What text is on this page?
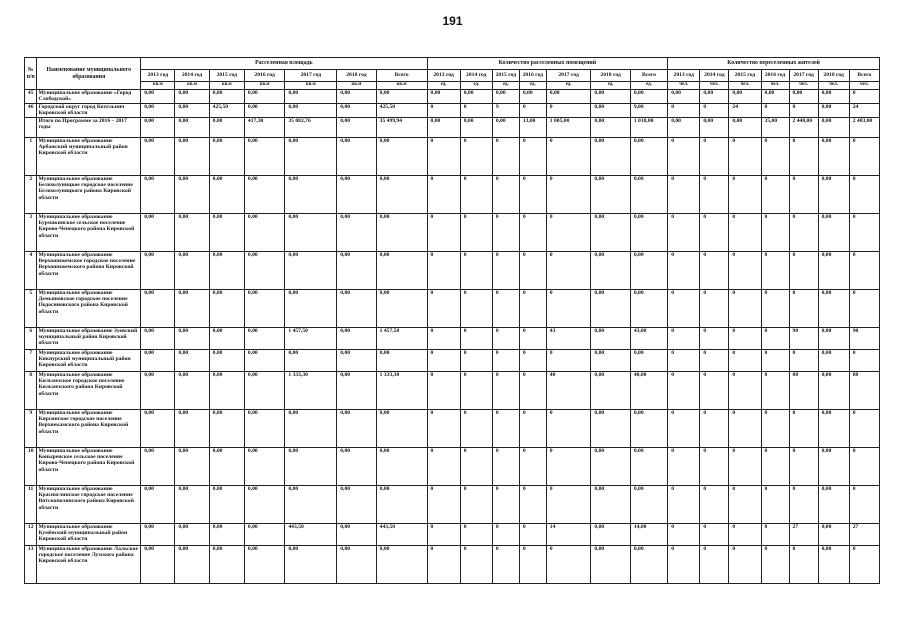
191
№
п/п	Наименование муниципального образования	Расселенная площадь							Количество расселенных помещений							Количество переселенных жителей						
		2013 год	2014 год	2015 год	2016 год	2017 год	2018 год	Всего	2013 год	2014 год	2015 год	2016 год	2017 год	2018 год	Всего	2013 год	2014 год	2015 год	2016 год	2017 год	2018 год	Всего
		кв.м	кв.м	кв.м	кв.м	кв.м	кв.м	кв.м	ед.	ед.	ед.	ед.	ед.	ед.	ед.	чел.	чел.	чел.	чел.	чел.	чел.	чел.
45	Муниципальное образование «Город Слободской»	0,00	0,00	0,00	0,00	0,00	0,00	0,00	0,00	0,00	0,00	0,00	0,00	0,00	0,00	0,00	0,00	0,00	0,00	0,00	0,00	0
46	Городской округ город Котельнич Кировской области	0,00	0,00	425,50	0,00	0,00	0,00	425,50	0	0	9	0	0	0,00	9,00	0	0	24	0	0	0,00	24
	Итого по Программе за 2016 – 2017 годы	0,00	0,00	0,00	417,30	35 082,76	0,00	35 499,94	0,00	0,00	0,00	13,00	1 005,00	0,00	1 018,00	0,00	0,00	0,00	35,00	2 448,00	0,00	2 483,00
1	Муниципальное образование Арбажский муниципальный район Кировской области	0,00	0,00	0,00	0,00	0,00	0,00	0,00	0	0	0	0	0	0,00	0,00	0	0	0	0	0	0,00	0
2	Муниципальное образование Белохолуницкое городское поселение Белохолуницкого района Кировской области	0,00	0,00	0,00	0,00	0,00	0,00	0,00	0	0	0	0	0	0,00	0,00	0	0	0	0	0	0,00	0
3	Муниципальное образование Бурмакинское сельское поселение Кирово-Чепецкого района Кировской области	0,00	0,00	0,00	0,00	0,00	0,00	0,00	0	0	0	0	0	0,00	0,00	0	0	0	0	0	0,00	0
4	Муниципальное образование Верхошижемское городское поселение Верхошижемского района Кировской области	0,00	0,00	0,00	0,00	0,00	0,00	0,00	0	0	0	0	0	0,00	0,00	0	0	0	0	0	0,00	0
5	Муниципальное образование Демьяновское городское поселение Подосиновского района Кировской области	0,00	0,00	0,00	0,00	0,00	0,00	0,00	0	0	0	0	0	0,00	0,00	0	0	0	0	0	0,00	0
6	Муниципальное образование Зуевский муниципальный район Кировской области	0,00	0,00	0,00	0,00	1 457,50	0,00	1 457,50	0	0	0	0	43	0,00	43,00	0	0	0	0	90	0,00	90
7	Муниципальное образование Кикнурский муниципальный район Кировской области	0,00	0,00	0,00	0,00	0,00	0,00	0,00	0	0	0	0	0	0,00	0,00	0	0	0	0	0	0,00	0
8	Муниципальное образование Кильмезское городское поселение Кильмезского района Кировской области	0,00	0,00	0,00	0,00	1 333,30	0,00	1 333,30	0	0	0	0	40	0,00	40,00	0	0	0	0	88	0,00	88
9	Муниципальное образование Кирсинское городское поселение Верхнекамского района Кировской области	0,00	0,00	0,00	0,00	0,00	0,00	0,00	0	0	0	0	0	0,00	0,00	0	0	0	0	0	0,00	0
10	Муниципальное образование Коныревское сельское поселение Кирово-Чепецкого района Кировской области	0,00	0,00	0,00	0,00	0,00	0,00	0,00	0	0	0	0	0	0,00	0,00	0	0	0	0	0	0,00	0
11	Муниципальное образование Красноглинское городское поселение Вятскополянского района Кировской области	0,00	0,00	0,00	0,00	0,00	0,00	0,00	0	0	0	0	0	0,00	0,00	0	0	0	0	0	0,00	0
12	Муниципальное образование Кумёнский муниципальный район Кировской области	0,00	0,00	0,00	0,00	443,50	0,00	443,50	0	0	0	0	14	0,00	14,00	0	0	0	0	27	0,00	27
13	Муниципальное образование Лальское городское поселение Лузского района Кировской области	0,00	0,00	0,00	0,00	0,00	0,00	0,00	0	0	0	0	0	0,00	0,00	0	0	0	0	0	0,00	0
